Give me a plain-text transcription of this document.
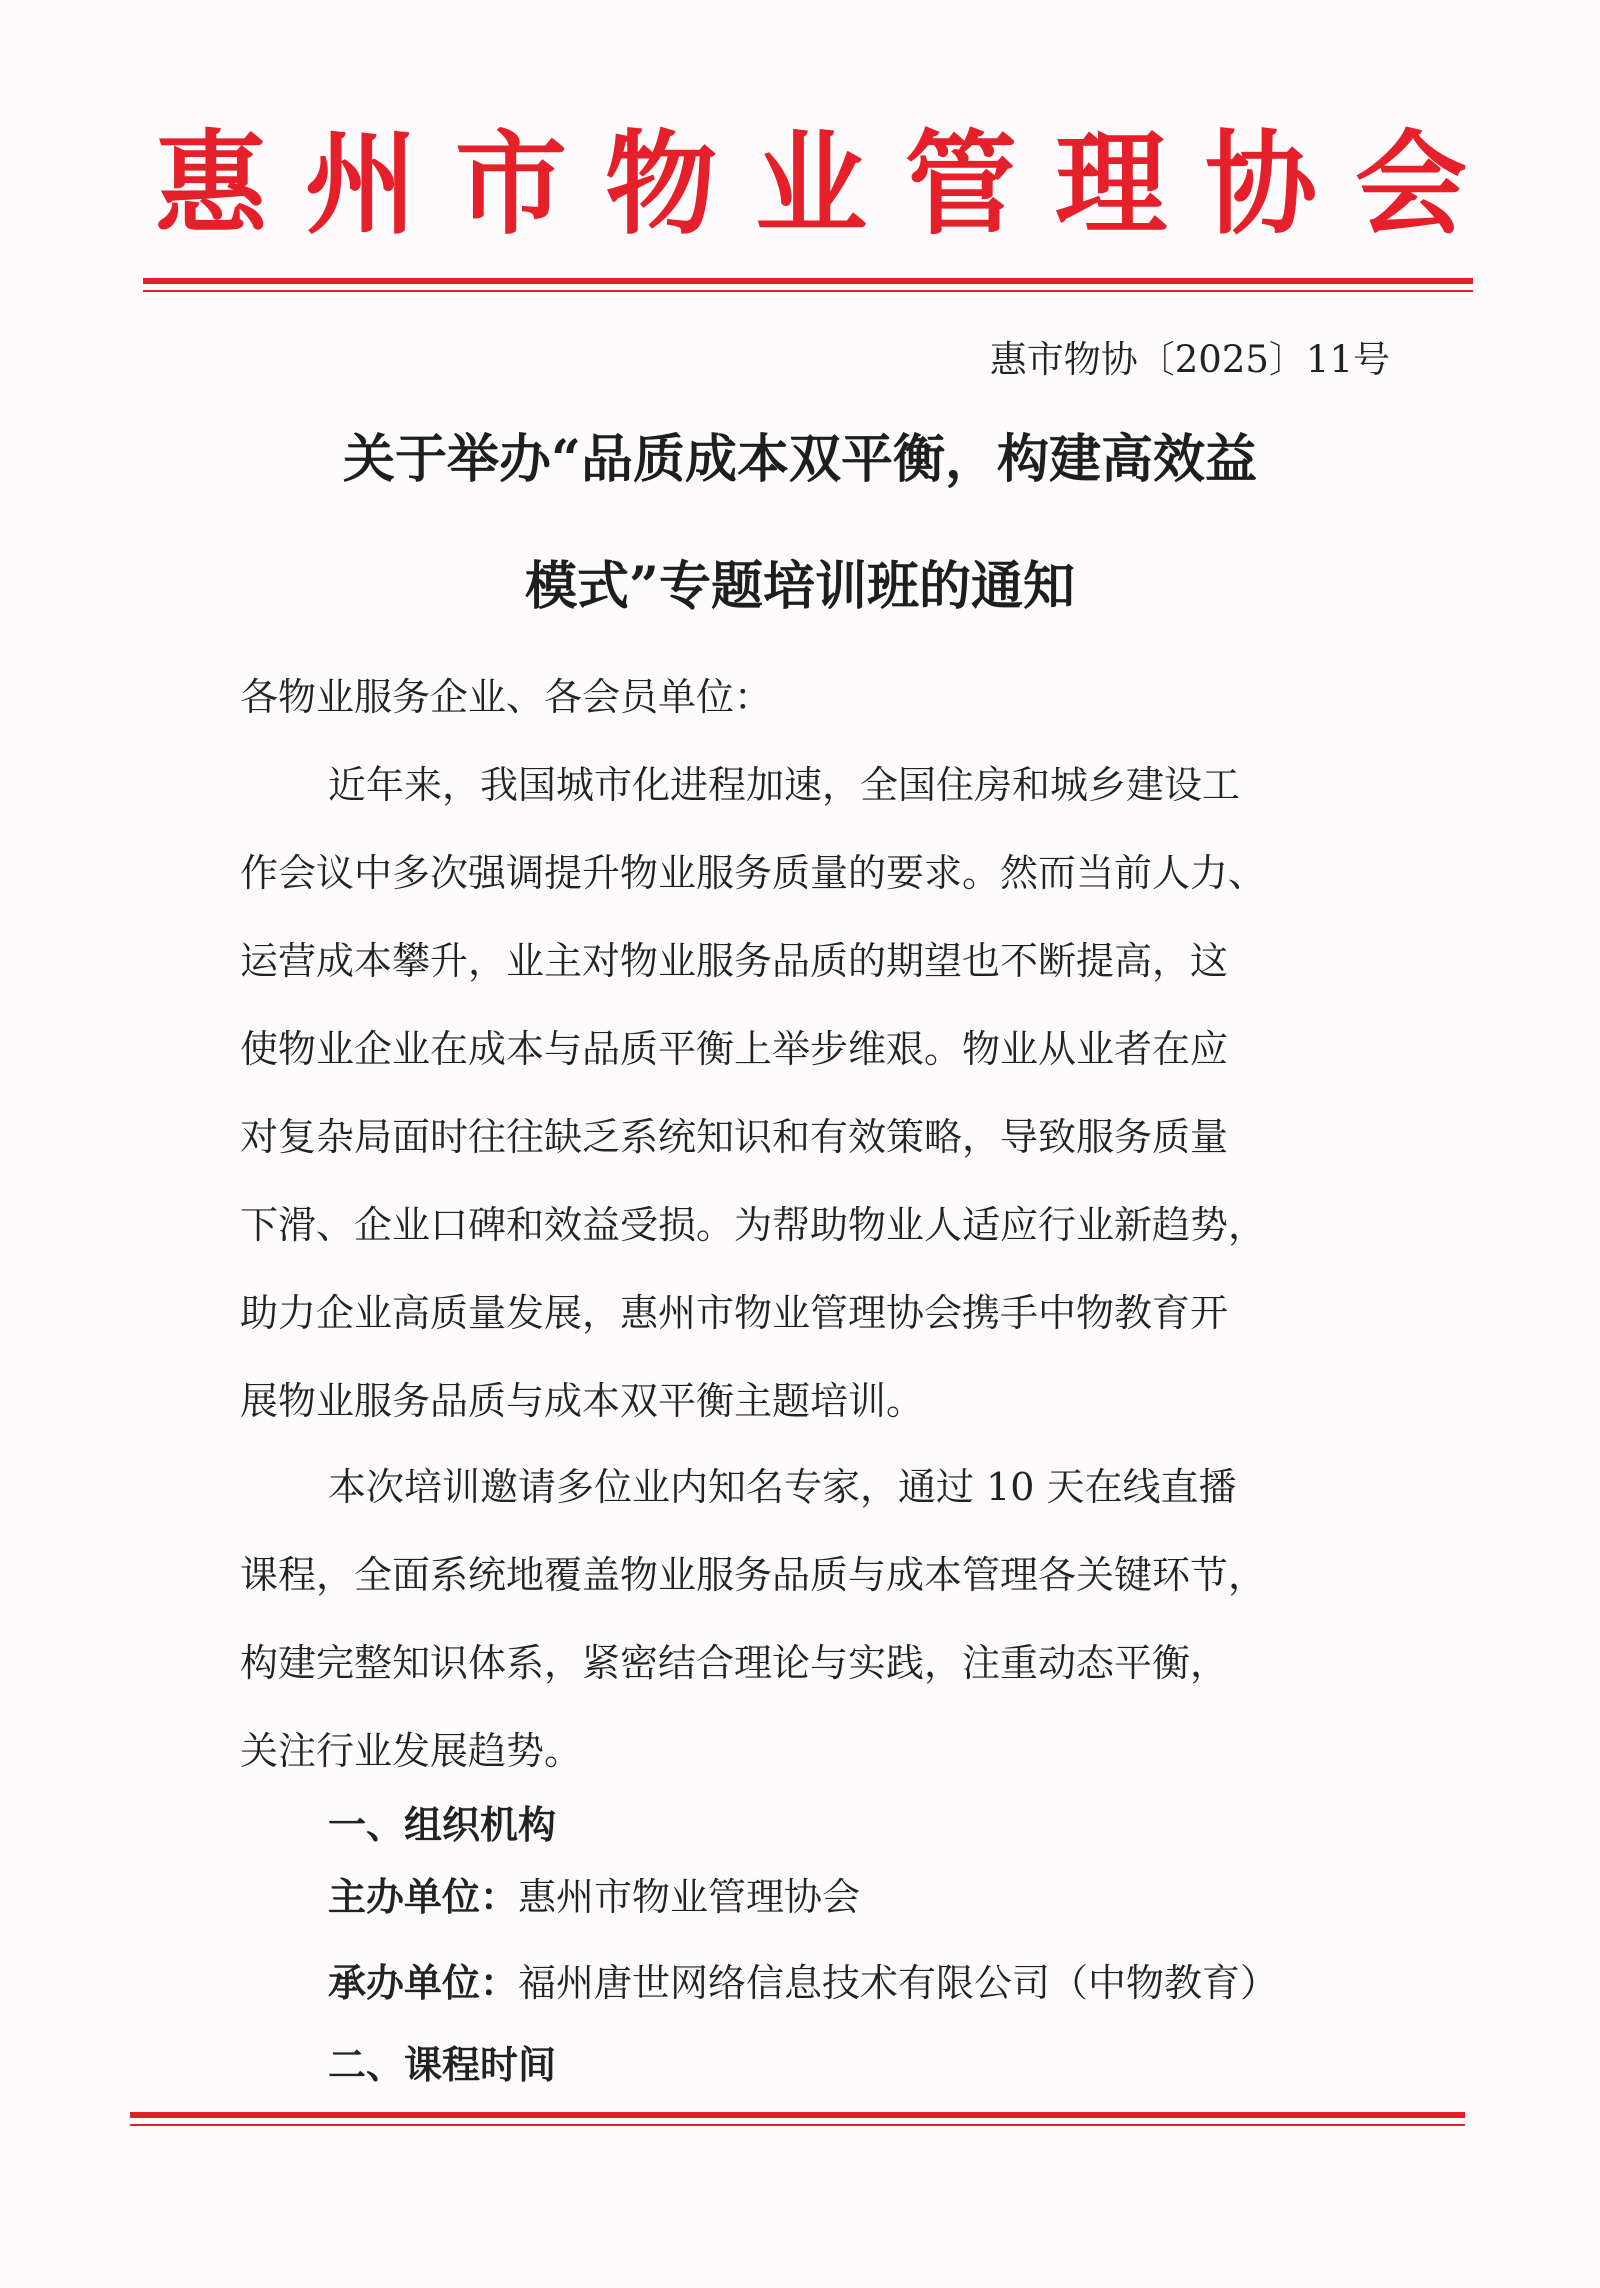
惠州市物业管理协会
惠市物协〔2025〕11号
关于举办“品质成本双平衡，构建高效益
模式”专题培训班的通知
各物业服务企业、各会员单位：
近年来，我国城市化进程加速，全国住房和城乡建设工
作会议中多次强调提升物业服务质量的要求。然而当前人力、
运营成本攀升，业主对物业服务品质的期望也不断提高，这
使物业企业在成本与品质平衡上举步维艰。物业从业者在应
对复杂局面时往往缺乏系统知识和有效策略，导致服务质量
下滑、企业口碑和效益受损。为帮助物业人适应行业新趋势，
助力企业高质量发展，惠州市物业管理协会携手中物教育开
展物业服务品质与成本双平衡主题培训。
本次培训邀请多位业内知名专家，通过 10 天在线直播
课程，全面系统地覆盖物业服务品质与成本管理各关键环节，
构建完整知识体系，紧密结合理论与实践，注重动态平衡，
关注行业发展趋势。
一、组织机构
主办单位：惠州市物业管理协会
承办单位：福州唐世网络信息技术有限公司（中物教育）
二、课程时间
